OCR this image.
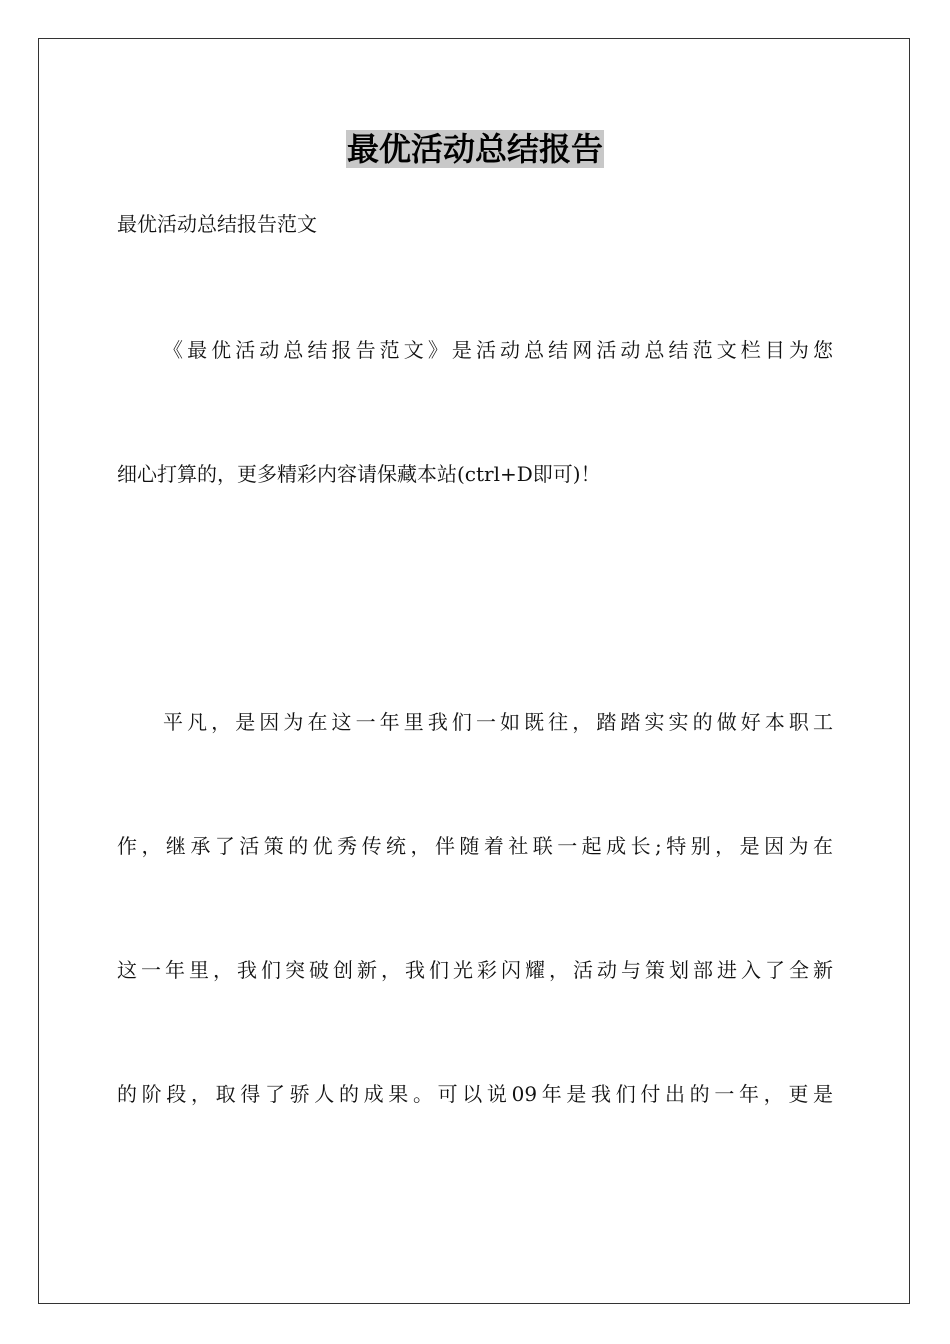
最优活动总结报告

最优活动总结报告范文

《最优活动总结报告范文》是活动总结网活动总结范文栏目为您

细心打算的，更多精彩内容请保藏本站(ctrl+D即可)！

平凡，是因为在这一年里我们一如既往，踏踏实实的做好本职工

作，继承了活策的优秀传统，伴随着社联一起成长;特别，是因为在

这一年里，我们突破创新，我们光彩闪耀，活动与策划部进入了全新

的阶段，取得了骄人的成果。可以说09年是我们付出的一年，更是
